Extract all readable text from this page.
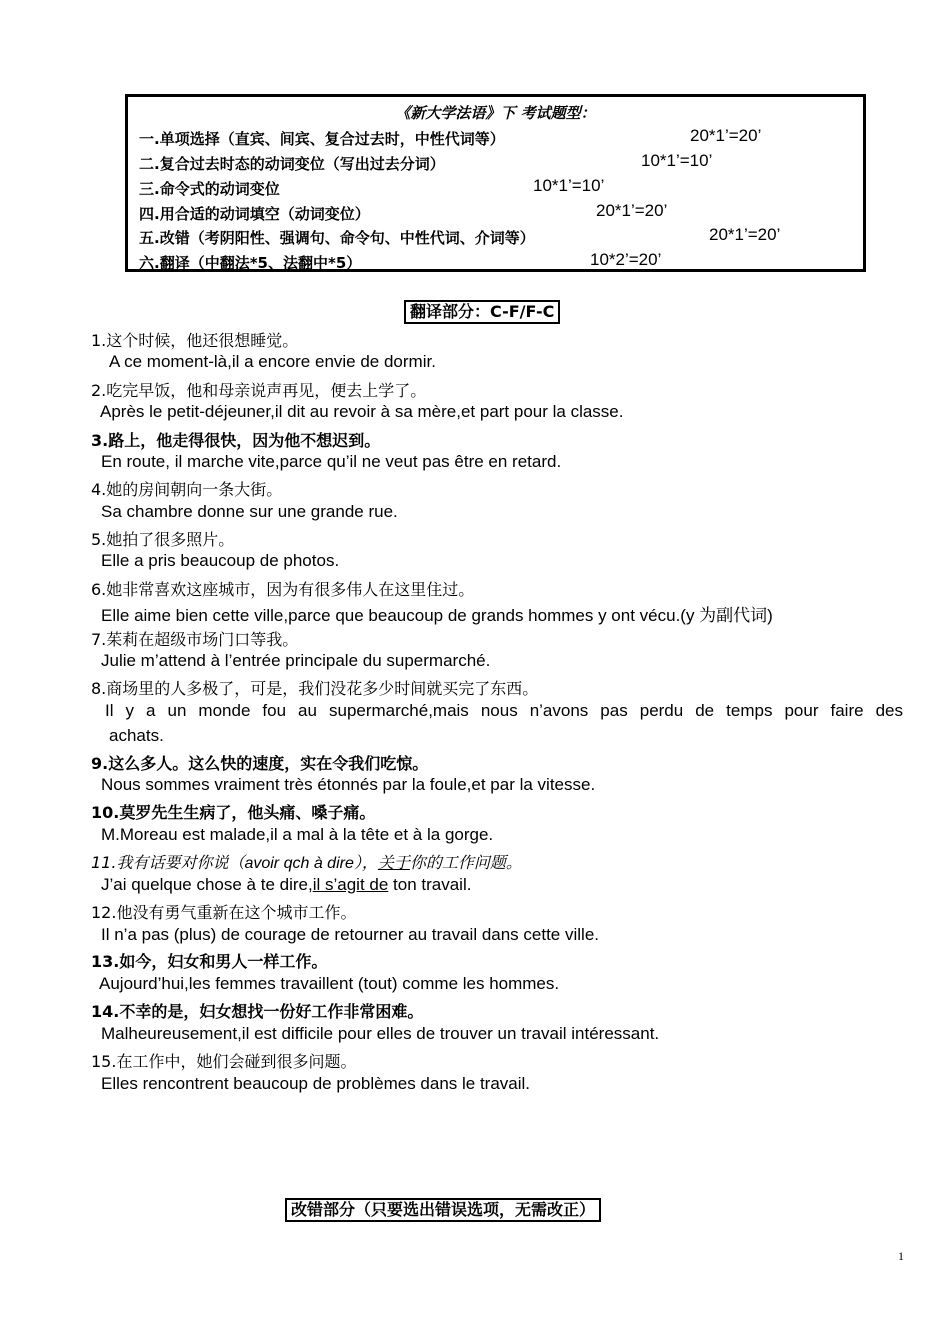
《新大学法语》下 考试题型：
一.单项选择（直宾、间宾、复合过去时，中性代词等）	20*1’=20’
二.复合过去时态的动词变位（写出过去分词）	10*1’=10’
三.命令式的动词变位	10*1’=10’
四.用合适的动词填空（动词变位）	20*1’=20’
五.改错（考阴阳性、强调句、命令句、中性代词、介词等）	20*1’=20’
六.翻译（中翻法*5、法翻中*5）	10*2’=20’
翻译部分：C-F/F-C
1.这个时候，他还很想睡觉。
A ce moment-là,il a encore envie de dormir.
2.吃完早饭，他和母亲说声再见，便去上学了。
Après le petit-déjeuner,il dit au revoir à sa mère,et part pour la classe.
3.路上，他走得很快，因为他不想迟到。
En route, il marche vite,parce qu’il ne veut pas être en retard.
4.她的房间朝向一条大街。
Sa chambre donne sur une grande rue.
5.她拍了很多照片。
Elle a pris beaucoup de photos.
6.她非常喜欢这座城市，因为有很多伟人在这里住过。
Elle aime bien cette ville,parce que beaucoup de grands hommes y ont vécu.(y 为副代词)
7.茱莉在超级市场门口等我。
Julie m’attend à l’entrée principale du supermarché.
8.商场里的人多极了，可是，我们没花多少时间就买完了东西。
Il y a un monde fou au supermarché,mais nous n’avons pas perdu de temps pour faire des
achats.
9.这么多人。这么快的速度，实在令我们吃惊。
Nous sommes vraiment très étonnés par la foule,et par la vitesse.
10.莫罗先生生病了，他头痛、嗓子痛。
M.Moreau est malade,il a mal à la tête et à la gorge.
11.我有话要对你说（avoir qch à dire），关于你的工作问题。
J’ai quelque chose à te dire,il s’agit de ton travail.
12.他没有勇气重新在这个城市工作。
Il n’a pas (plus) de courage de retourner au travail dans cette ville.
13.如今，妇女和男人一样工作。
Aujourd’hui,les femmes travaillent (tout) comme les hommes.
14.不幸的是，妇女想找一份好工作非常困难。
Malheureusement,il est difficile pour elles de trouver un travail intéressant.
15.在工作中，她们会碰到很多问题。
Elles rencontrent beaucoup de problèmes dans le travail.
改错部分（只要选出错误选项，无需改正）
1
